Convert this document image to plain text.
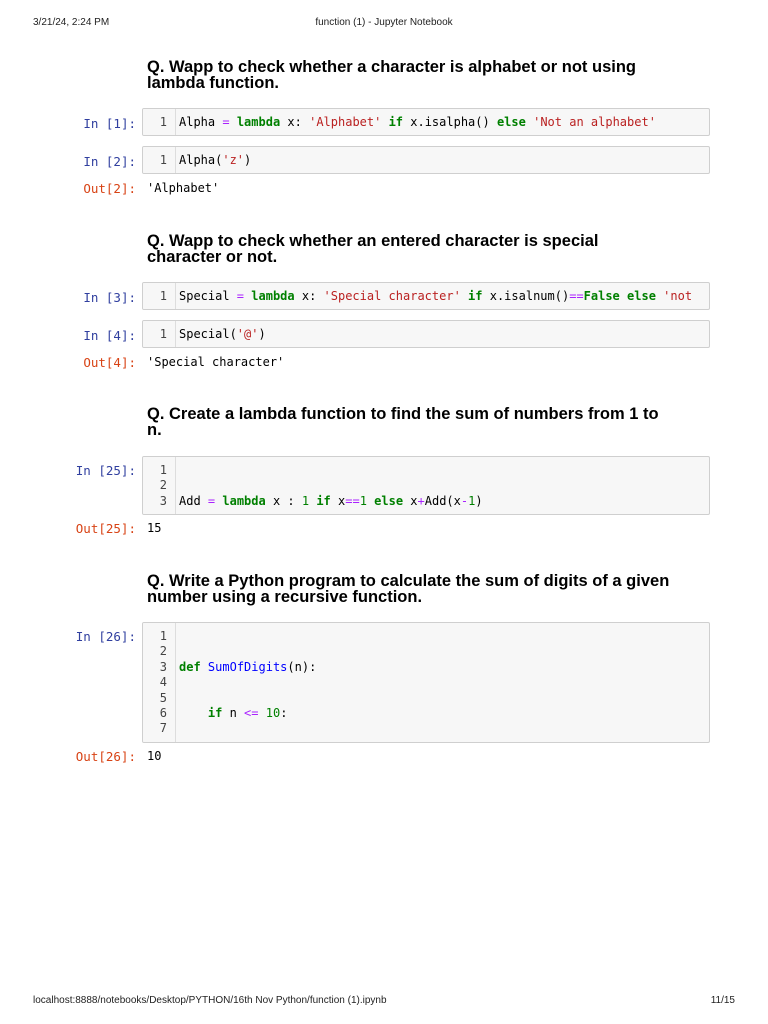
3/21/24, 2:24 PM	function (1) - Jupyter Notebook
Q. Wapp to check whether a character is alphabet or not using
lambda function.
In [1]:	1 Alpha = lambda x: 'Alphabet' if x.isalpha() else 'Not an alphabet'
In [2]:	1 Alpha('z')
Out[2]: 'Alphabet'
Q. Wapp to check whether an entered character is special
character or not.
In [3]:	1 Special = lambda x: 'Special character' if x.isalnum()==False else 'not
In [4]:	1 Special('@')
Out[4]: 'Special character'
Q. Create a lambda function to find the sum of numbers from 1 to
n.
In [25]:	1
2
3

Add = lambda x : 1 if x==1 else x+Add(x-1)

Out[25]: 15
Q. Write a Python program to calculate the sum of digits of a given
number using a recursive function.
In [26]:	1
2
3
4
5
6
7

def SumOfDigits(n):

if n <= 10:

Out[26]: 10
localhost:8888/notebooks/Desktop/PYTHON/16th Nov Python/function (1).ipynb	11/15
